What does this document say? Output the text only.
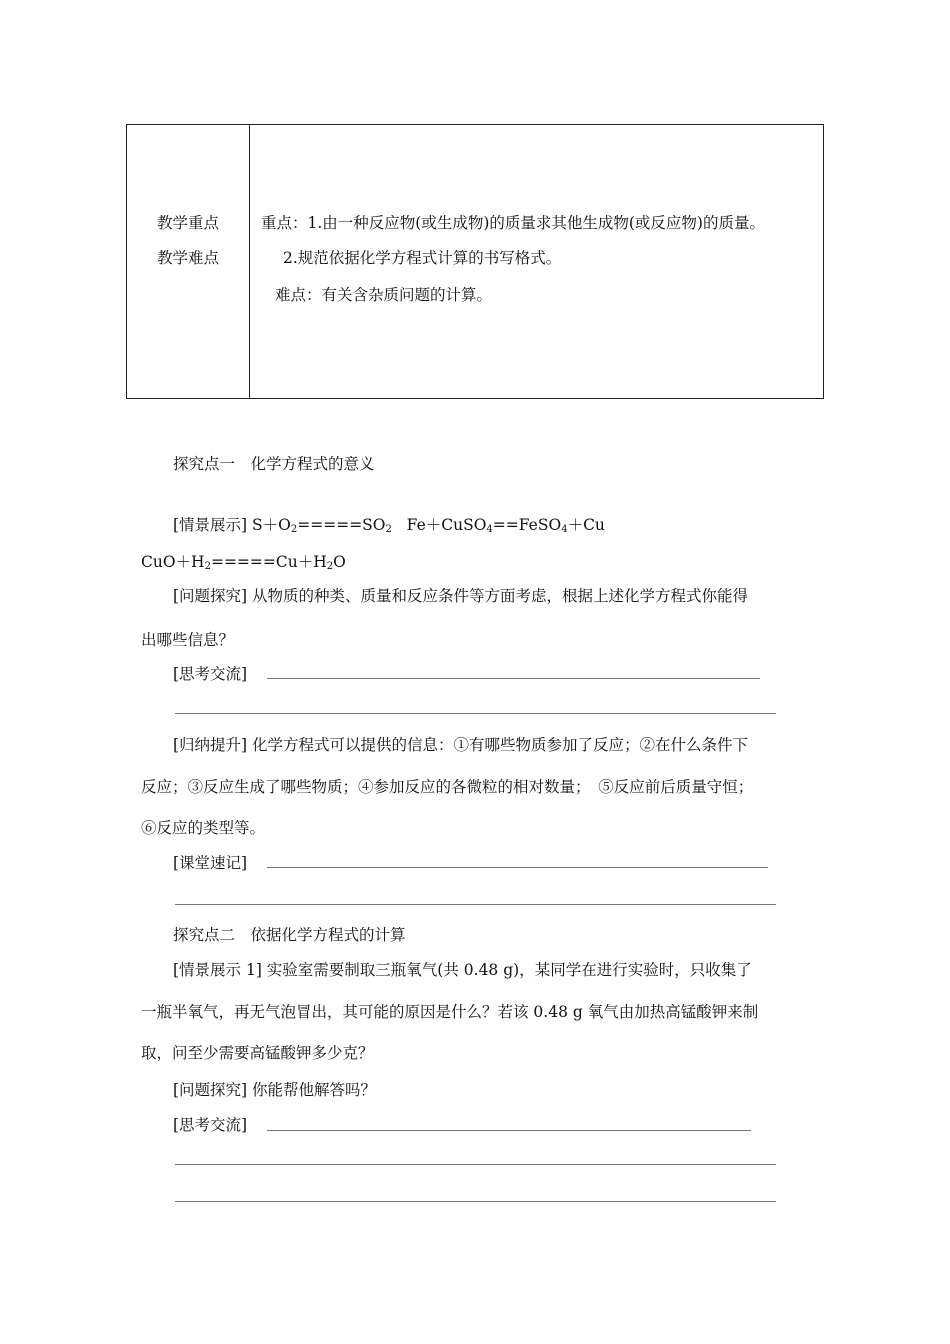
教学重点
教学难点
重点：1.由一种反应物(或生成物)的质量求其他生成物(或反应物)的质量。
2.规范依据化学方程式计算的书写格式。
难点：有关含杂质问题的计算。
探究点一　化学方程式的意义
[情景展示] $S+O_2=====SO_2$ Fe＋CuSO$_4$==FeSO$_4$＋Cu
$CuO+H_2=====Cu+H_2O$
[问题探究] 从物质的种类、质量和反应条件等方面考虑，根据上述化学方程式你能得
出哪些信息？
[思考交流]
[归纳提升] 化学方程式可以提供的信息：①有哪些物质参加了反应；②在什么条件下
反应；③反应生成了哪些物质；④参加反应的各微粒的相对数量；　⑤反应前后质量守恒；
⑥反应的类型等。
[课堂速记]
探究点二　依据化学方程式的计算
[情景展示 1] 实验室需要制取三瓶氧气(共 0.48 g)，某同学在进行实验时，只收集了
一瓶半氧气，再无气泡冒出，其可能的原因是什么？若该 0.48 g 氧气由加热高锰酸钾来制
取，问至少需要高锰酸钾多少克？
[问题探究] 你能帮他解答吗？
[思考交流]
